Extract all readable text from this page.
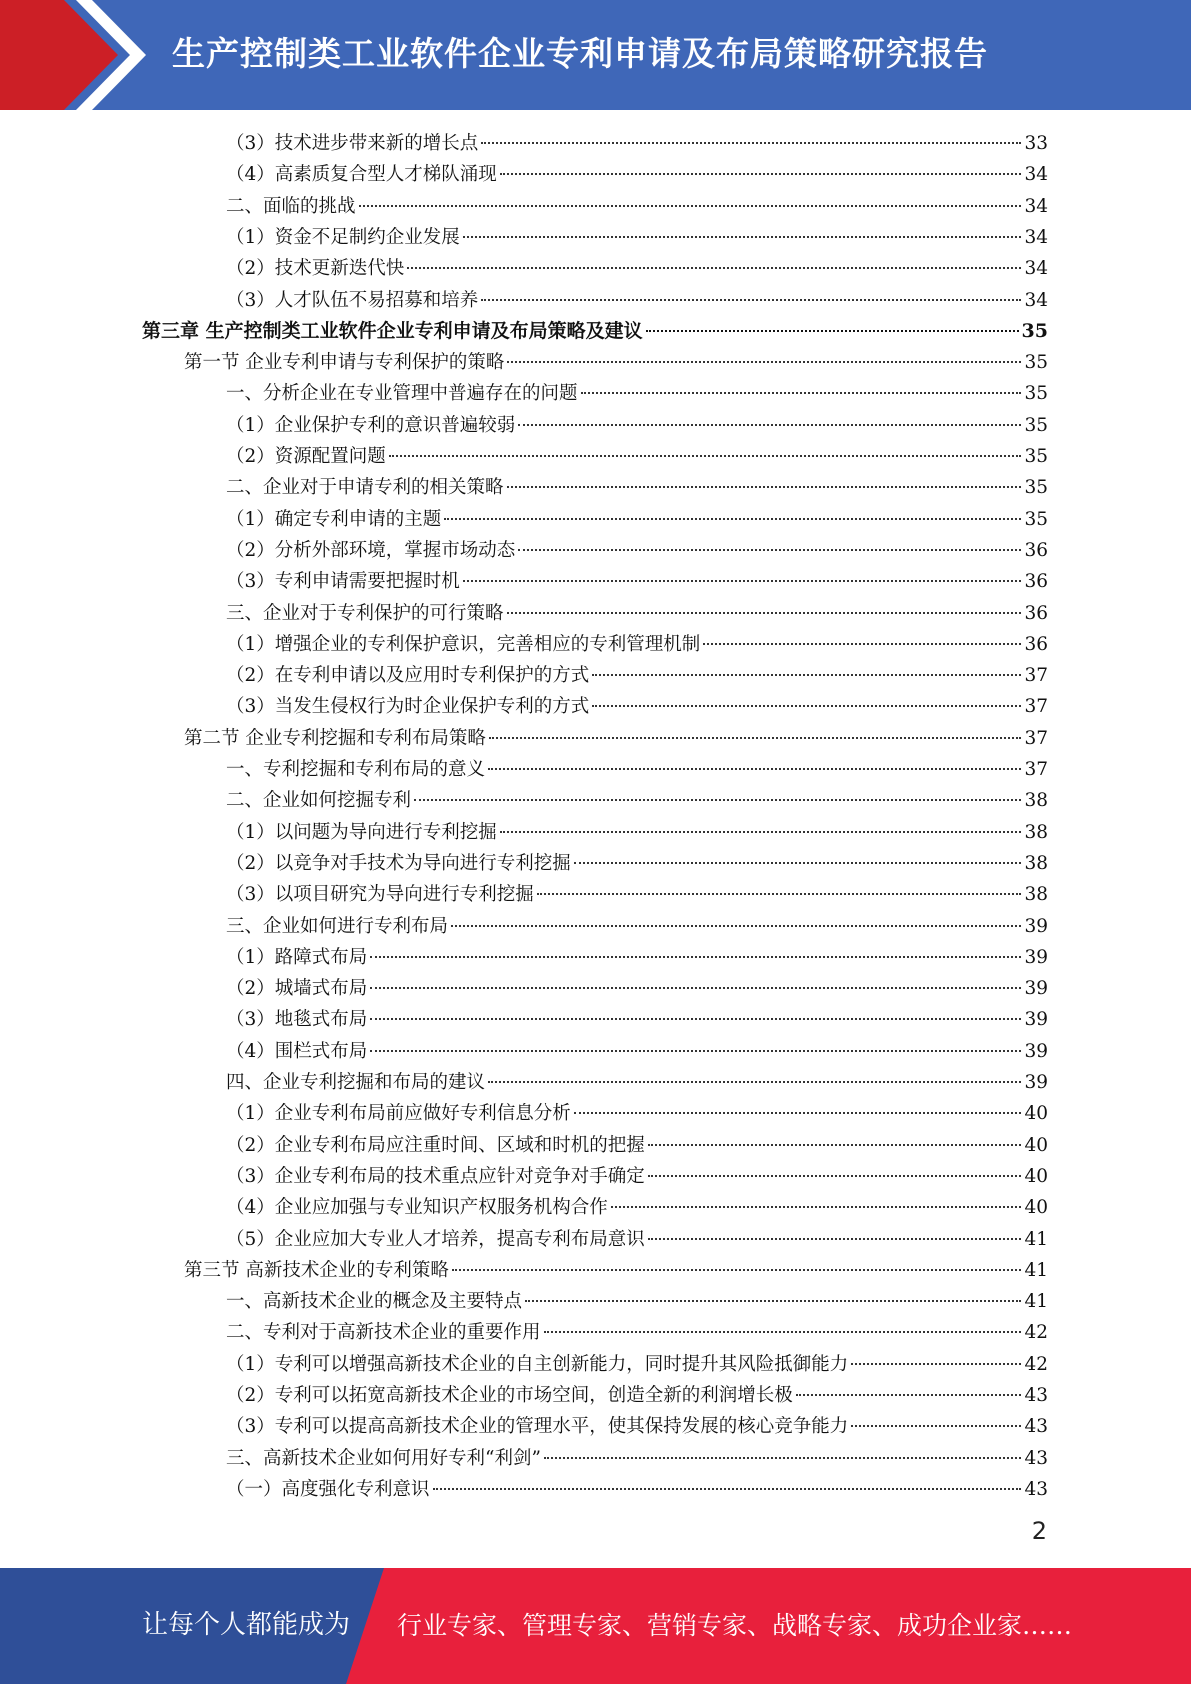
生产控制类工业软件企业专利申请及布局策略研究报告
（3）技术进步带来新的增长点	33
（4）高素质复合型人才梯队涌现	34
二、面临的挑战	34
（1）资金不足制约企业发展	34
（2）技术更新迭代快	34
（3）人才队伍不易招募和培养	34
第三章 生产控制类工业软件企业专利申请及布局策略及建议	35
第一节 企业专利申请与专利保护的策略	35
一、分析企业在专业管理中普遍存在的问题	35
（1）企业保护专利的意识普遍较弱	35
（2）资源配置问题	35
二、企业对于申请专利的相关策略	35
（1）确定专利申请的主题	35
（2）分析外部环境，掌握市场动态	36
（3）专利申请需要把握时机	36
三、企业对于专利保护的可行策略	36
（1）增强企业的专利保护意识，完善相应的专利管理机制	36
（2）在专利申请以及应用时专利保护的方式	37
（3）当发生侵权行为时企业保护专利的方式	37
第二节 企业专利挖掘和专利布局策略	37
一、专利挖掘和专利布局的意义	37
二、企业如何挖掘专利	38
（1）以问题为导向进行专利挖掘	38
（2）以竞争对手技术为导向进行专利挖掘	38
（3）以项目研究为导向进行专利挖掘	38
三、企业如何进行专利布局	39
（1）路障式布局	39
（2）城墙式布局	39
（3）地毯式布局	39
（4）围栏式布局	39
四、企业专利挖掘和布局的建议	39
（1）企业专利布局前应做好专利信息分析	40
（2）企业专利布局应注重时间、区域和时机的把握	40
（3）企业专利布局的技术重点应针对竞争对手确定	40
（4）企业应加强与专业知识产权服务机构合作	40
（5）企业应加大专业人才培养，提高专利布局意识	41
第三节 高新技术企业的专利策略	41
一、高新技术企业的概念及主要特点	41
二、专利对于高新技术企业的重要作用	42
（1）专利可以增强高新技术企业的自主创新能力，同时提升其风险抵御能力	42
（2）专利可以拓宽高新技术企业的市场空间，创造全新的利润增长极	43
（3）专利可以提高高新技术企业的管理水平，使其保持发展的核心竞争能力	43
三、高新技术企业如何用好专利“利剑”	43
（一）高度强化专利意识	43
2
让每个人都能成为 行业专家、管理专家、营销专家、战略专家、成功企业家……
